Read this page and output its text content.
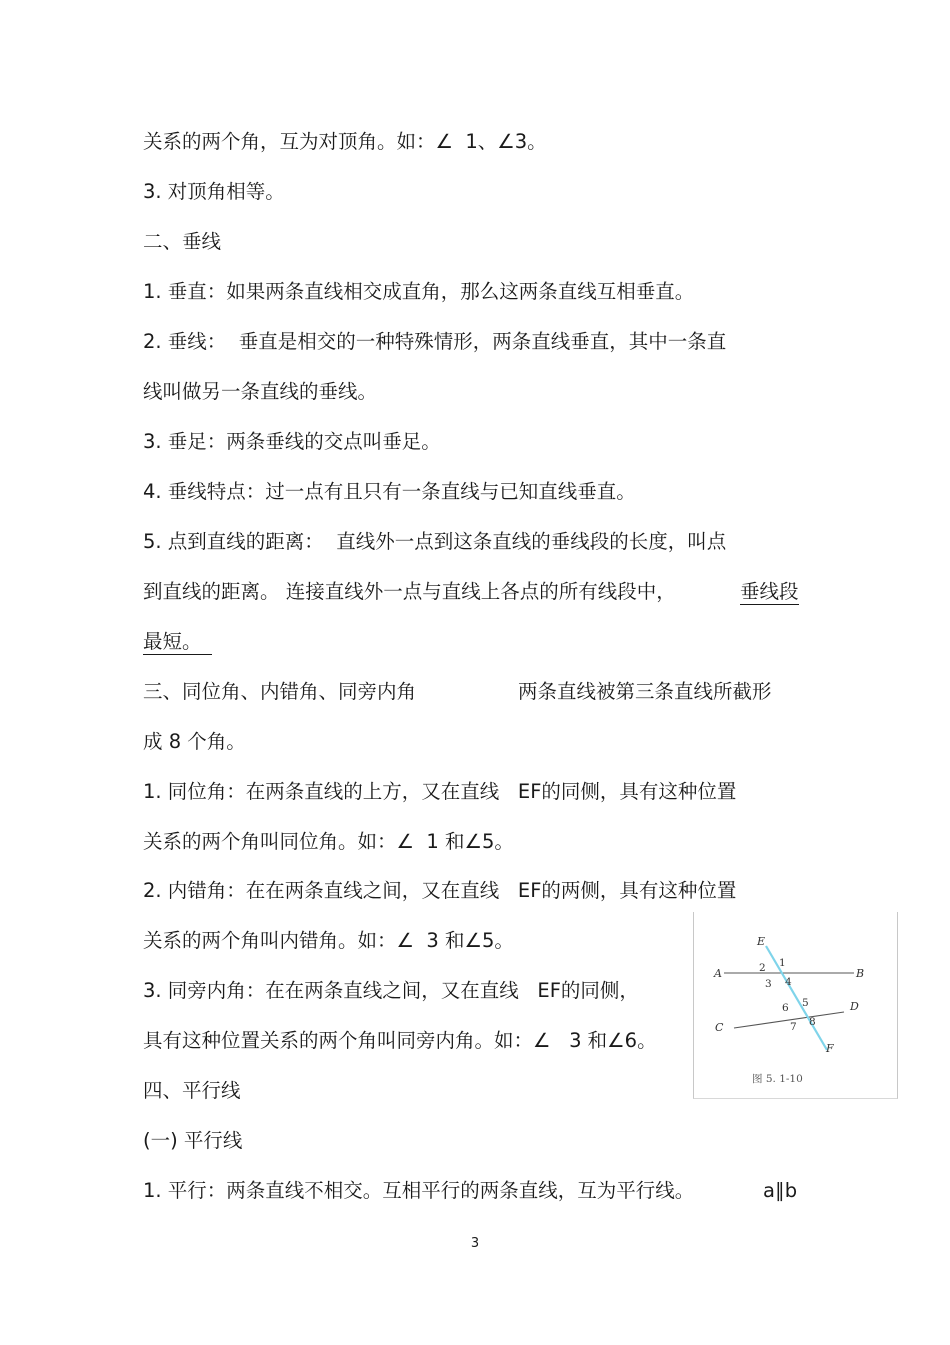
关系的两个角，互为对顶角。如：∠  1、∠3。
3. 对顶角相等。
二、垂线
1. 垂直：如果两条直线相交成直角，那么这两条直线互相垂直。
2. 垂线：  垂直是相交的一种特殊情形，两条直线垂直，其中一条直
线叫做另一条直线的垂线。
3. 垂足：两条垂线的交点叫垂足。
4. 垂线特点：过一点有且只有一条直线与已知直线垂直。
5. 点到直线的距离：  直线外一点到这条直线的垂线段的长度，叫点
到直线的距离。 连接直线外一点与直线上各点的所有线段中，	垂线段
最短。
三、同位角、内错角、同旁内角	两条直线被第三条直线所截形
成 8 个角。
1. 同位角：在两条直线的上方，又在直线   EF的同侧，具有这种位置
关系的两个角叫同位角。如：∠  1 和∠5。
2. 内错角：在在两条直线之间，又在直线   EF的两侧，具有这种位置
关系的两个角叫内错角。如：∠  3 和∠5。
3. 同旁内角：在在两条直线之间，又在直线   EF的同侧，
具有这种位置关系的两个角叫同旁内角。如：∠   3 和∠6。
四、平行线
(一) 平行线
1. 平行：两条直线不相交。互相平行的两条直线，互为平行线。	a∥b
E
A	B
C
D
F
1
2
3 4
5
6
7 8
图 5. 1-10
3
